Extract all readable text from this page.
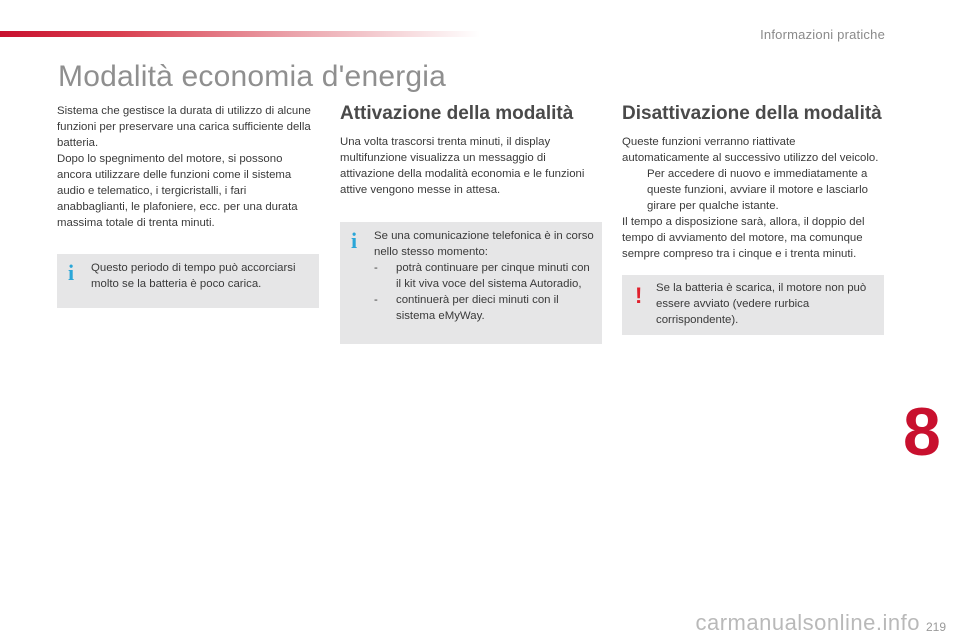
Informazioni pratiche
Modalità economia d'energia

Sistema che gestisce la durata di utilizzo di alcune funzioni per preservare una carica sufficiente della batteria.

Dopo lo spegnimento del motore, si possono ancora utilizzare delle funzioni come il sistema audio e telematico, i tergicristalli, i fari anabbaglianti, le plafoniere, ecc. per una durata massima totale di trenta minuti.

i Questo periodo di tempo può accorciarsi molto se la batteria è poco carica.

Attivazione della modalità

Una volta trascorsi trenta minuti, il display multifunzione visualizza un messaggio di attivazione della modalità economia e le funzioni attive vengono messe in attesa.

i Se una comunicazione telefonica è in corso nello stesso momento:

-	potrà continuare per cinque minuti con il kit viva voce del sistema Autoradio,
-	continuerà per dieci minuti con il sistema eMyWay.
Disattivazione della modalità

Queste funzioni verranno riattivate automaticamente al successivo utilizzo del veicolo.

Per accedere di nuovo e immediatamente a queste funzioni, avviare il motore e lasciarlo girare per qualche istante.

Il tempo a disposizione sarà, allora, il doppio del tempo di avviamento del motore, ma comunque sempre compreso tra i cinque e i trenta minuti.

! Se la batteria è scarica, il motore non può essere avviato (vedere rurbica corrispondente).

8
carmanualsonline.info 219
